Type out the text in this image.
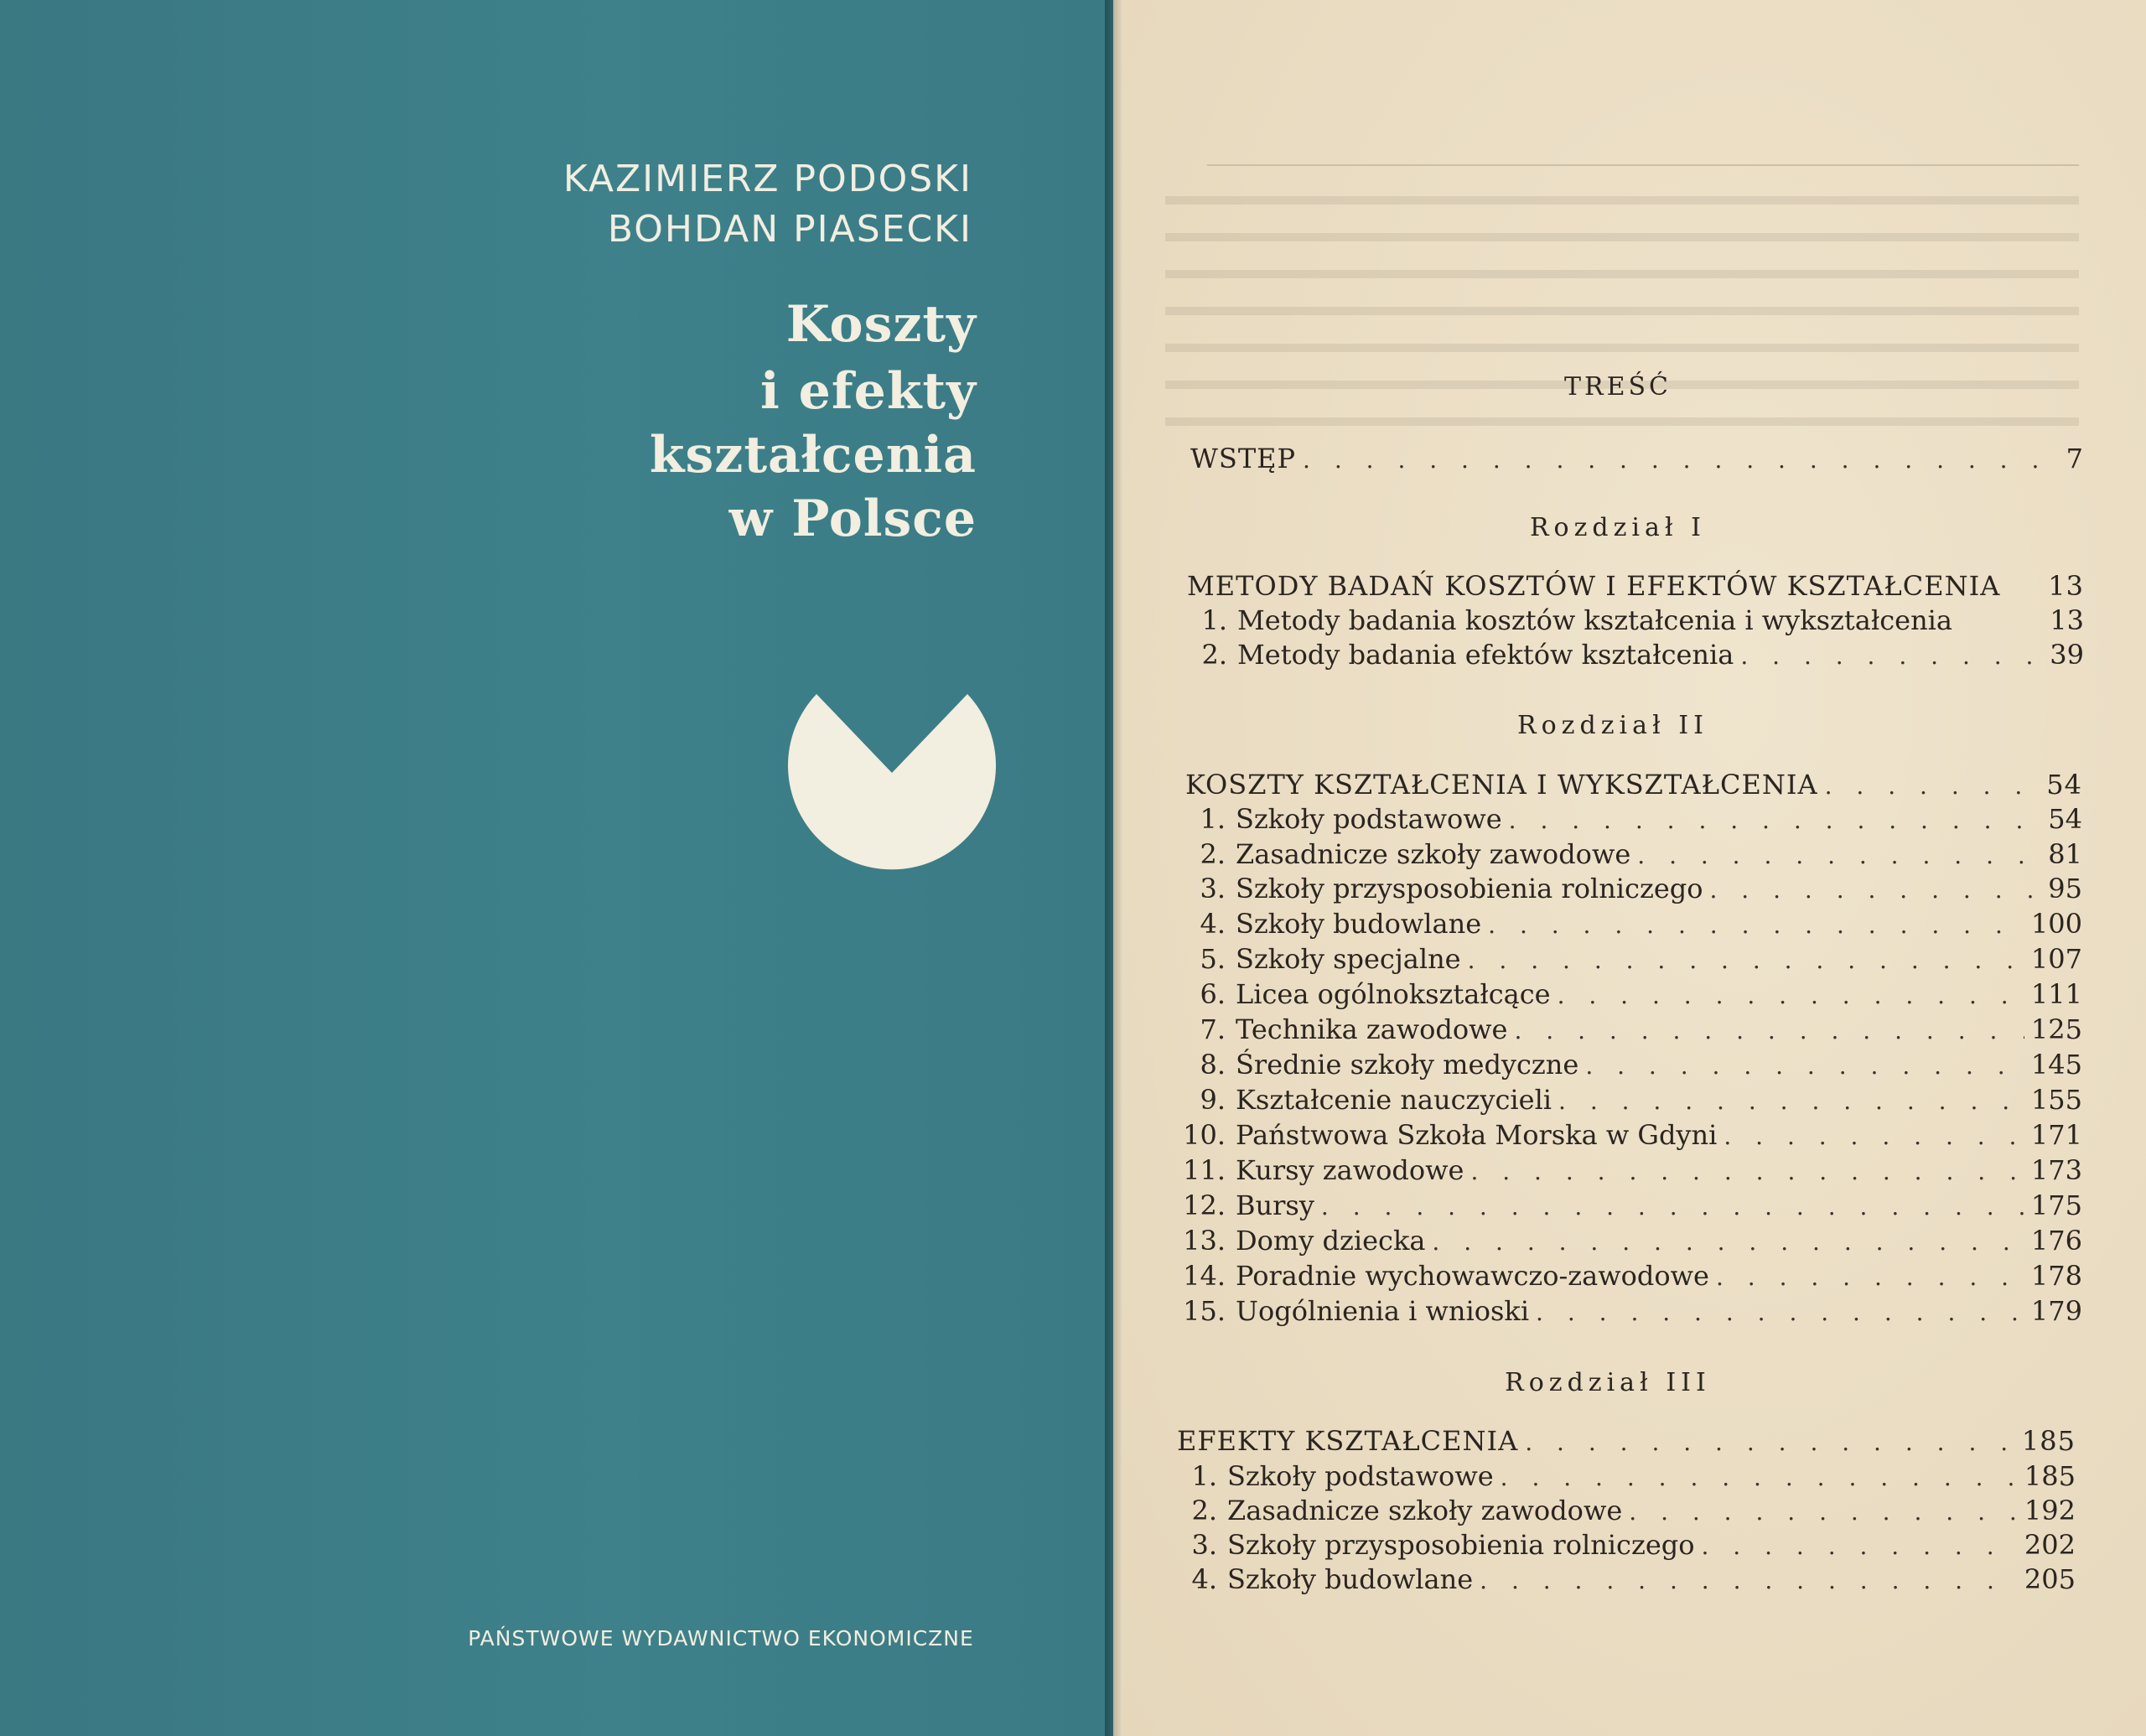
KAZIMIERZ PODOSKI
BOHDAN PIASECKI
Koszty
i efekty
kształcenia
w Polsce
PAŃSTWOWE WYDAWNICTWO EKONOMICZNE
TREŚĆ
WSTĘP . . .	7
Rozdział I
METODY BADAŃ KOSZTÓW I EFEKTÓW KSZTAŁCENIA 13
1. Metody badania kosztów kształcenia i wykształcenia	13
2. Metody badania efektów kształcenia . . .	39
Rozdział II
KOSZTY KSZTAŁCENIA I WYKSZTAŁCENIA . . .	54
1. Szkoły podstawowe . . .	54
2. Zasadnicze szkoły zawodowe . . .	81
3. Szkoły przysposobienia rolniczego . . .	95
4. Szkoły budowlane . . .	100
5. Szkoły specjalne . . .	107
6. Licea ogólnokształcące . . .	111
7. Technika zawodowe . . .	125
8. Średnie szkoły medyczne . . .	145
9. Kształcenie nauczycieli . . .	155
10. Państwowa Szkoła Morska w Gdyni . . .	171
11. Kursy zawodowe . . .	173
12. Bursy . . .	175
13. Domy dziecka . . .	176
14. Poradnie wychowawczo-zawodowe . . .	178
15. Uogólnienia i wnioski . . .	179
Rozdział III
EFEKTY KSZTAŁCENIA . . .	185
1. Szkoły podstawowe . . .	185
2. Zasadnicze szkoły zawodowe . . .	192
3. Szkoły przysposobienia rolniczego . . .	202
4. Szkoły budowlane . . .	205
